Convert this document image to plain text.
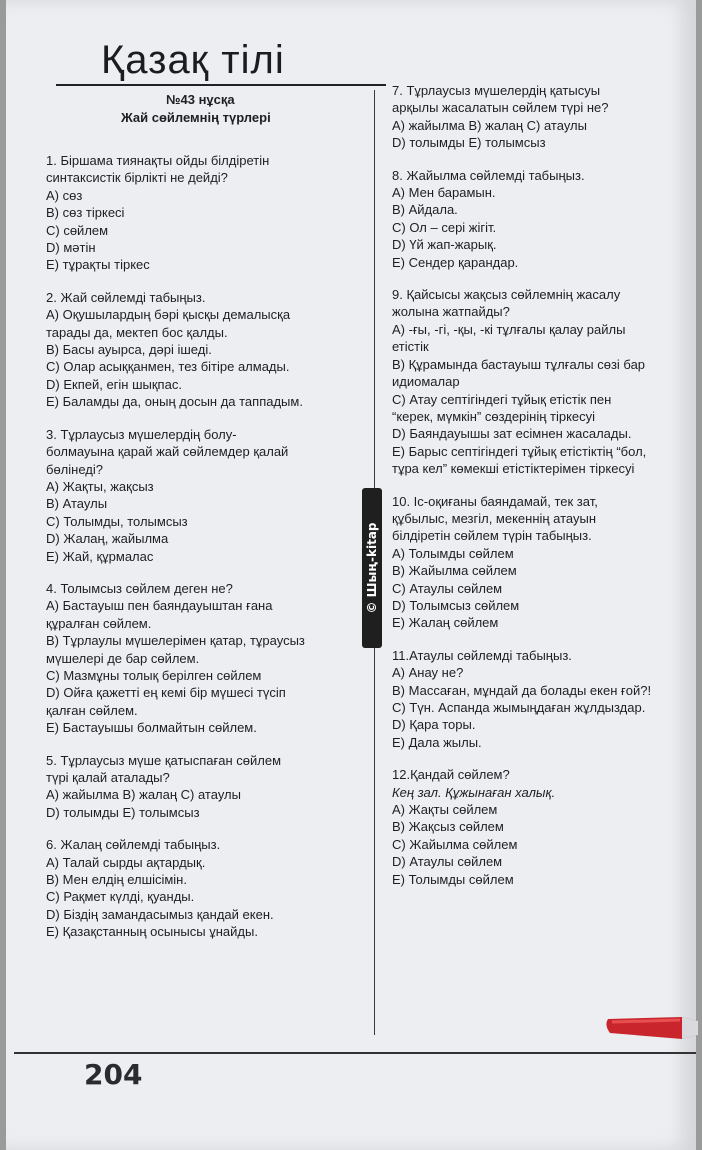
Қазақ тілі
№43 нұсқа
Жай сөйлемнің түрлері

1. Біршама тиянақты ойды білдіретін

синтаксистік бірлікті не дейді?

A) сөз

B) сөз тіркесі

C) сөйлем

D) мәтін

E) тұрақты тіркес

2. Жай сөйлемді табыңыз.

A) Оқушылардың бәрі қысқы демалысқа

тарады да, мектеп бос қалды.

B) Басы ауырса, дәрі ішеді.

C) Олар асыққанмен, тез бітіре алмады.

D) Екпей, егін шықпас.

E) Баламды да, оның досын да таппадым.

3. Тұрлаусыз мүшелердің болу-

болмауына қарай жай сөйлемдер қалай

бөлінеді?

A) Жақты, жақсыз

B) Атаулы

C) Толымды, толымсыз

D) Жалаң, жайылма

E) Жай, құрмалас

4. Толымсыз сөйлем деген не?

A) Бастауыш пен баяндауыштан ғана

құралған сөйлем.

B) Тұрлаулы мүшелерімен қатар, тұраусыз

мүшелері де бар сөйлем.

C) Мазмұны толық берілген сөйлем

D) Ойға қажетті ең кемі бір мүшесі түсіп

қалған сөйлем.

E) Бастауышы болмайтын сөйлем.

5. Тұрлаусыз мүше қатыспаған сөйлем

түрі қалай аталады?

A) жайылма B) жалаң C) атаулы

D) толымды E) толымсыз

6. Жалаң сөйлемді табыңыз.

A) Талай сырды ақтардық.

B) Мен елдің елшісімін.

C) Рақмет күлді, қуанды.

D) Біздің замандасымыз қандай екен.

E) Қазақстанның осынысы ұнайды.

7. Тұрлаусыз мүшелердің қатысуы

арқылы жасалатын сөйлем түрі не?

A) жайылма B) жалаң C) атаулы

D) толымды E) толымсыз

8. Жайылма сөйлемді табыңыз.

A) Мен барамын.

B) Айдала.

C) Ол – сері жігіт.

D) Үй жап-жарық.

E) Сендер қарандар.

9. Қайсысы жақсыз сөйлемнің жасалу

жолына жатпайды?

A) -ғы, -гі, -қы, -кі тұлғалы қалау райлы

етістік

B) Құрамында бастауыш тұлғалы сөзі бар

идиомалар

C) Атау септігіндегі тұйық етістік пен

“керек, мүмкін” сөздерінің тіркесуі

D) Баяндауышы зат есімнен жасалады.

E) Барыс септігіндегі тұйық етістіктің “бол,

тұра кел” көмекші етістіктерімен тіркесуі

10. Іс-оқиғаны баяндамай, тек зат,

құбылыс, мезгіл, мекеннің атауын

білдіретін сөйлем түрін табыңыз.

A) Толымды сөйлем

B) Жайылма сөйлем

C) Атаулы сөйлем

D) Толымсыз сөйлем

E) Жалаң сөйлем

11.Атаулы сөйлемді табыңыз.

A) Анау не?

B) Массаған, мұндай да болады екен ғой?!

C) Түн. Аспанда жымыңдаған жұлдыздар.

D) Қара торы.

E) Дала жылы.

12.Қандай сөйлем?

Кең зал. Құжынаған халық.

A) Жақты сөйлем

B) Жақсыз сөйлем

C) Жайылма сөйлем

D) Атаулы сөйлем

E) Толымды сөйлем

© Шың-kitap
204
